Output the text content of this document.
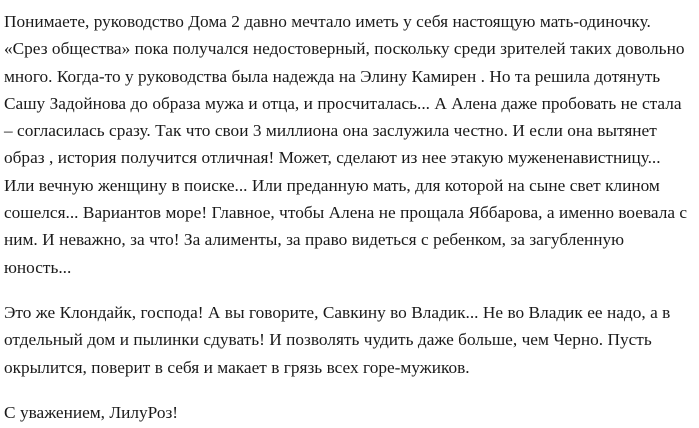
Понимаете, руководство Дома 2 давно мечтало иметь у себя настоящую мать-одиночку. «Срез общества» пока получался недостоверный, поскольку среди зрителей таких довольно много. Когда-то у руководства была надежда на Элину Камирен . Но та решила дотянуть Сашу Задойнова до образа мужа и отца, и просчиталась... А Алена даже пробовать не стала – согласилась сразу. Так что свои 3 миллиона она заслужила честно. И если она вытянет образ , история получится отличная! Может, сделают из нее этакую мужененавистницу... Или вечную женщину в поиске... Или преданную мать, для которой на сыне свет клином сошелся... Вариантов море! Главное, чтобы Алена не прощала Яббарова, а именно воевала с ним. И неважно, за что! За алименты, за право видеться с ребенком, за загубленную юность...

Это же Клондайк, господа! А вы говорите, Савкину во Владик... Не во Владик ее надо, а в отдельный дом и пылинки сдувать! И позволять чудить даже больше, чем Черно. Пусть окрылится, поверит в себя и макает в грязь всех горе-мужиков.

С уважением, ЛилуРоз!
